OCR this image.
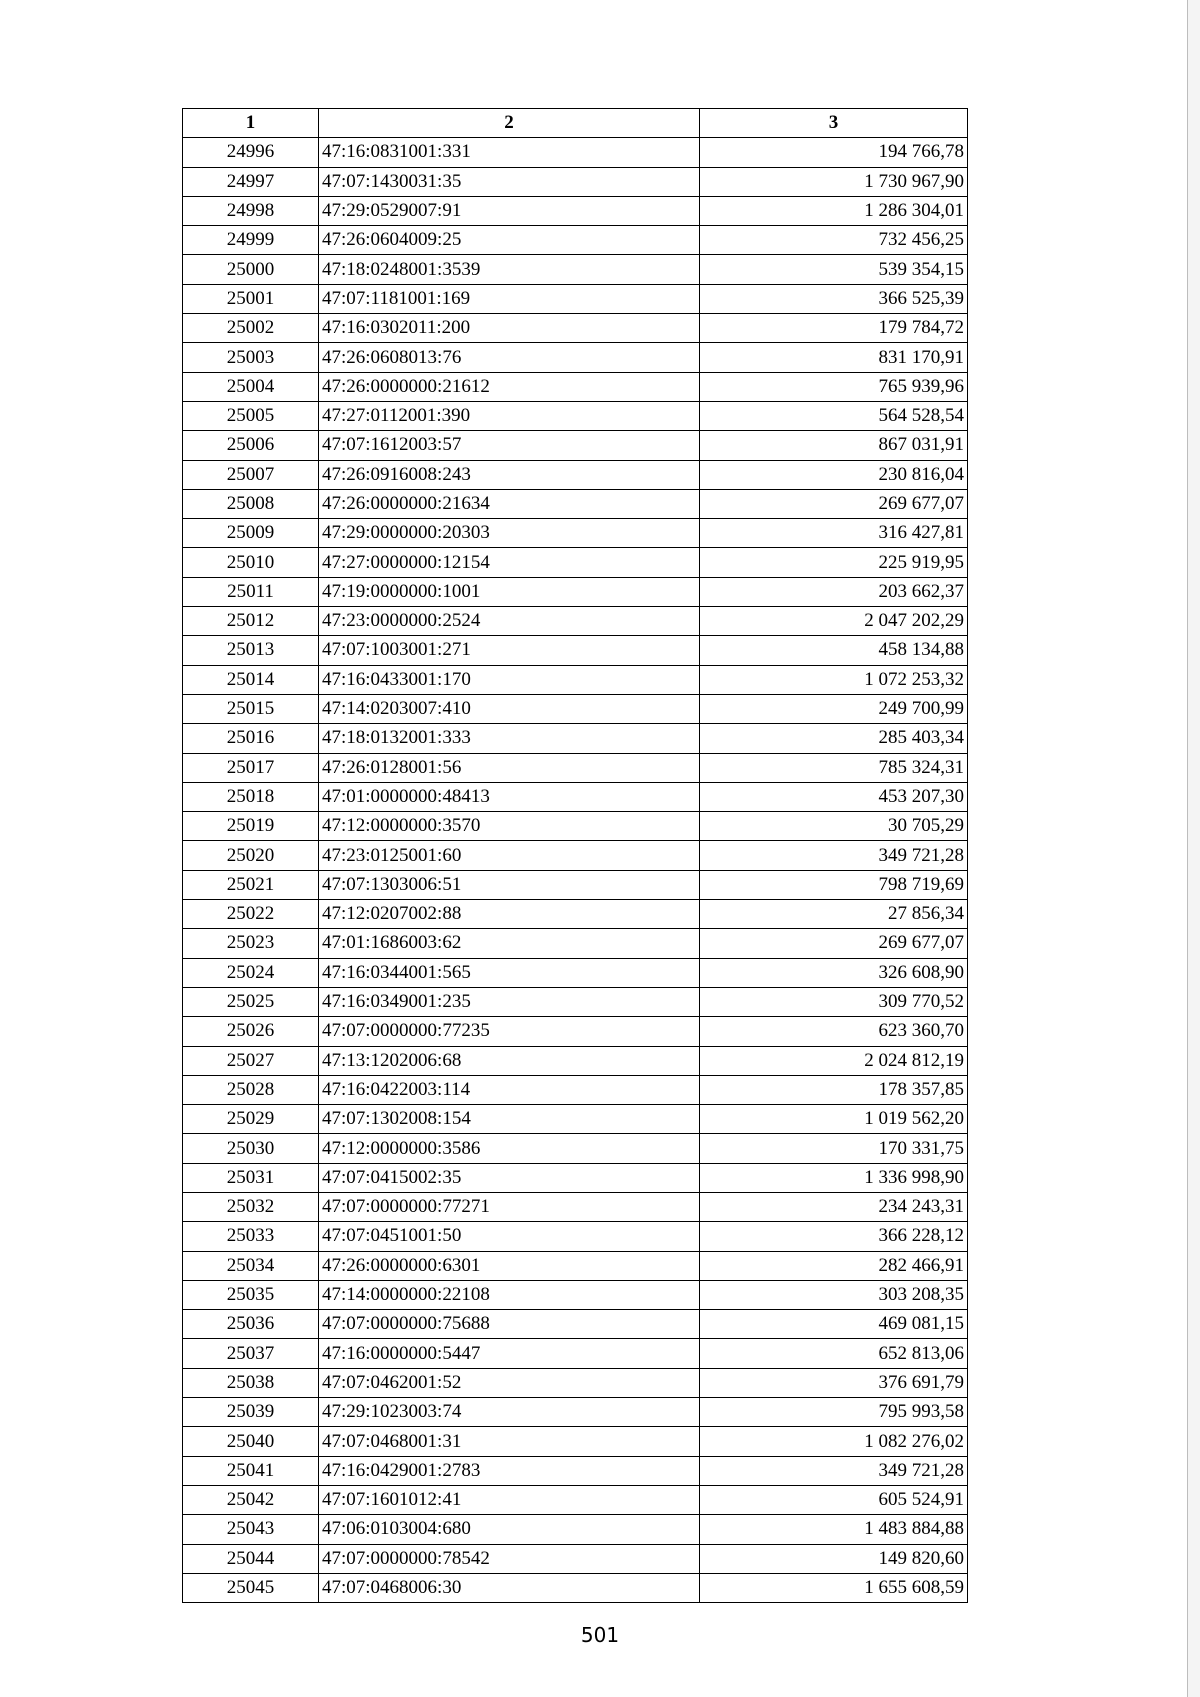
1	2	3
24996	47:16:0831001:331	194 766,78
24997	47:07:1430031:35	1 730 967,90
24998	47:29:0529007:91	1 286 304,01
24999	47:26:0604009:25	732 456,25
25000	47:18:0248001:3539	539 354,15
25001	47:07:1181001:169	366 525,39
25002	47:16:0302011:200	179 784,72
25003	47:26:0608013:76	831 170,91
25004	47:26:0000000:21612	765 939,96
25005	47:27:0112001:390	564 528,54
25006	47:07:1612003:57	867 031,91
25007	47:26:0916008:243	230 816,04
25008	47:26:0000000:21634	269 677,07
25009	47:29:0000000:20303	316 427,81
25010	47:27:0000000:12154	225 919,95
25011	47:19:0000000:1001	203 662,37
25012	47:23:0000000:2524	2 047 202,29
25013	47:07:1003001:271	458 134,88
25014	47:16:0433001:170	1 072 253,32
25015	47:14:0203007:410	249 700,99
25016	47:18:0132001:333	285 403,34
25017	47:26:0128001:56	785 324,31
25018	47:01:0000000:48413	453 207,30
25019	47:12:0000000:3570	30 705,29
25020	47:23:0125001:60	349 721,28
25021	47:07:1303006:51	798 719,69
25022	47:12:0207002:88	27 856,34
25023	47:01:1686003:62	269 677,07
25024	47:16:0344001:565	326 608,90
25025	47:16:0349001:235	309 770,52
25026	47:07:0000000:77235	623 360,70
25027	47:13:1202006:68	2 024 812,19
25028	47:16:0422003:114	178 357,85
25029	47:07:1302008:154	1 019 562,20
25030	47:12:0000000:3586	170 331,75
25031	47:07:0415002:35	1 336 998,90
25032	47:07:0000000:77271	234 243,31
25033	47:07:0451001:50	366 228,12
25034	47:26:0000000:6301	282 466,91
25035	47:14:0000000:22108	303 208,35
25036	47:07:0000000:75688	469 081,15
25037	47:16:0000000:5447	652 813,06
25038	47:07:0462001:52	376 691,79
25039	47:29:1023003:74	795 993,58
25040	47:07:0468001:31	1 082 276,02
25041	47:16:0429001:2783	349 721,28
25042	47:07:1601012:41	605 524,91
25043	47:06:0103004:680	1 483 884,88
25044	47:07:0000000:78542	149 820,60
25045	47:07:0468006:30	1 655 608,59
501
